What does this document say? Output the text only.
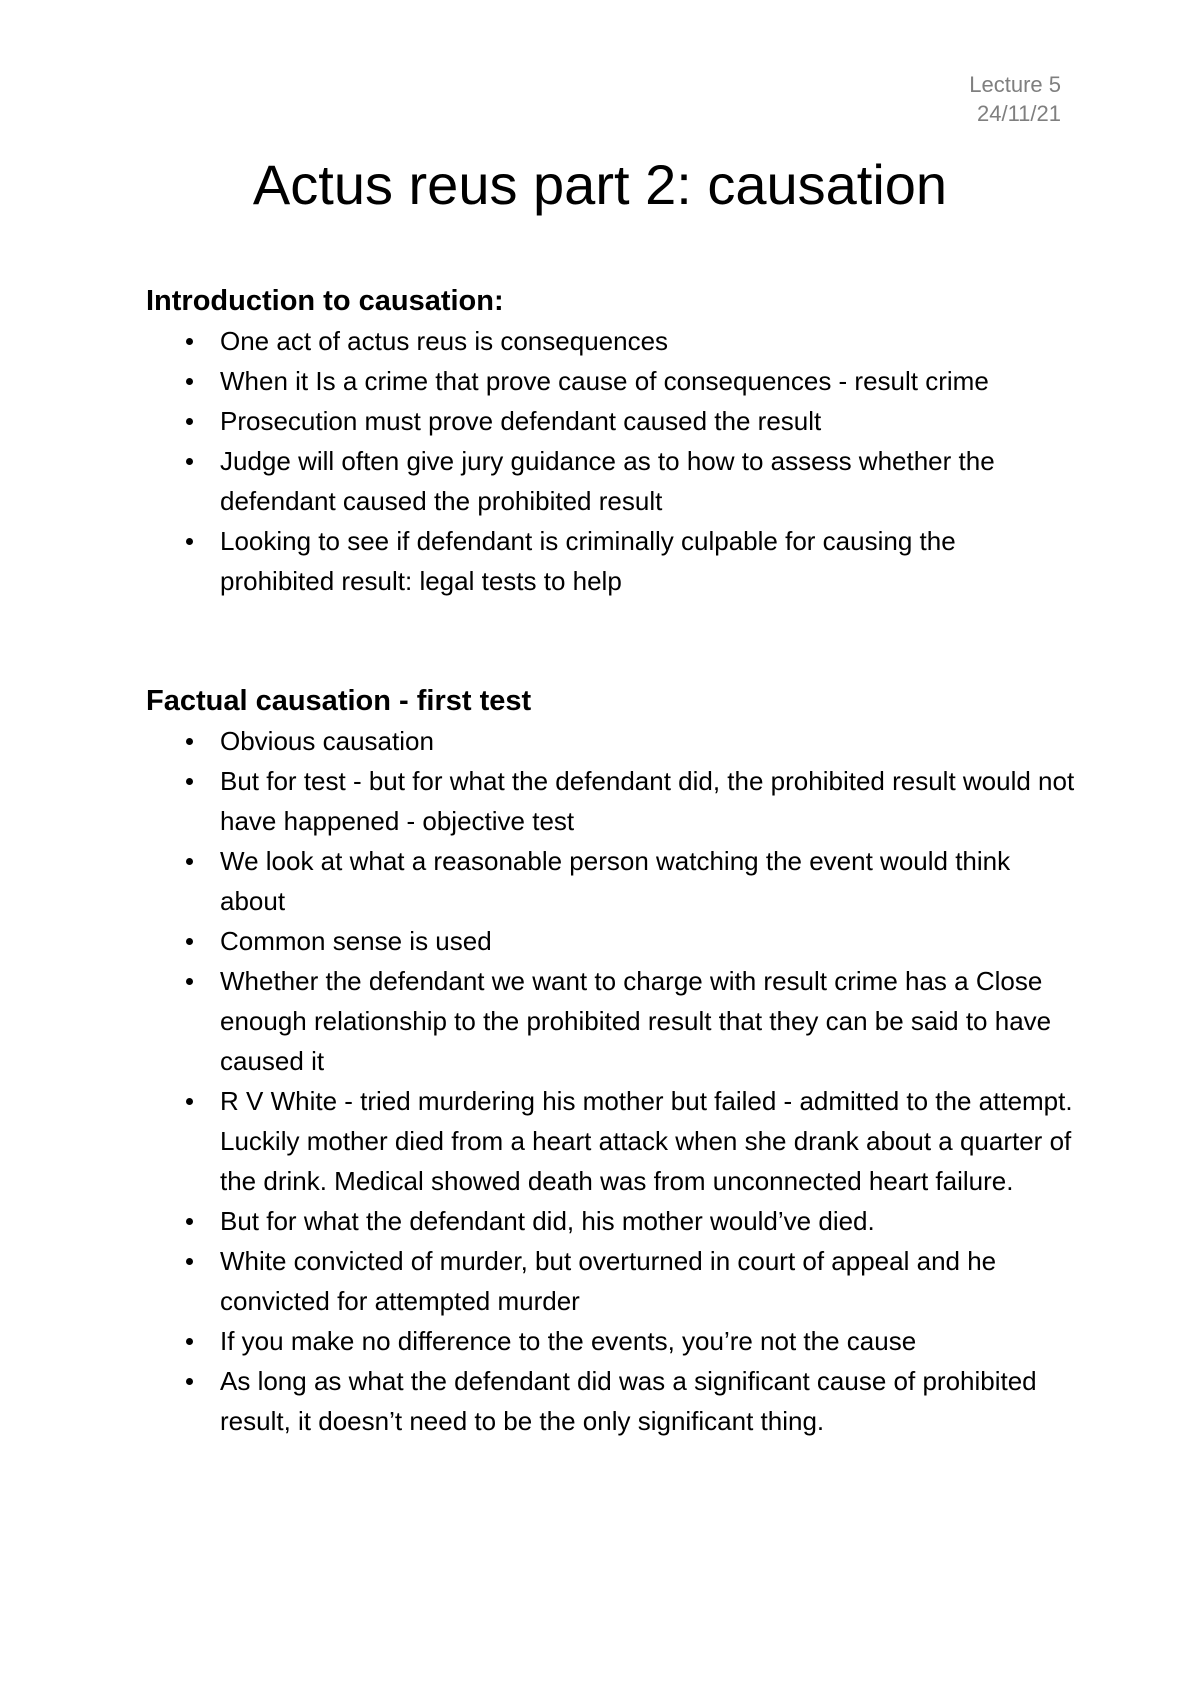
Lecture 5
24/11/21
Actus reus part 2: causation
Introduction to causation:
One act of actus reus is consequences
When it Is a crime that prove cause of consequences - result crime
Prosecution must prove defendant caused the result
Judge will often give jury guidance as to how to assess whether the defendant caused the prohibited result
Looking to see if defendant is criminally culpable for causing the prohibited result: legal tests to help
Factual causation - first test
Obvious causation
But for test - but for what the defendant did, the prohibited result would not have happened - objective test
We look at what a reasonable person watching the event would think about
Common sense is used
Whether the defendant we want to charge with result crime has a Close enough relationship to the prohibited result that they can be said to have caused it
R V White - tried murdering his mother but failed - admitted to the attempt. Luckily mother died from a heart attack when she drank about a quarter of the drink. Medical showed death was from unconnected heart failure.
But for what the defendant did, his mother would’ve died.
White convicted of murder, but overturned in court of appeal and he convicted for attempted murder
If you make no difference to the events, you’re not the cause
As long as what the defendant did was a significant cause of prohibited result, it doesn’t need to be the only significant thing.
